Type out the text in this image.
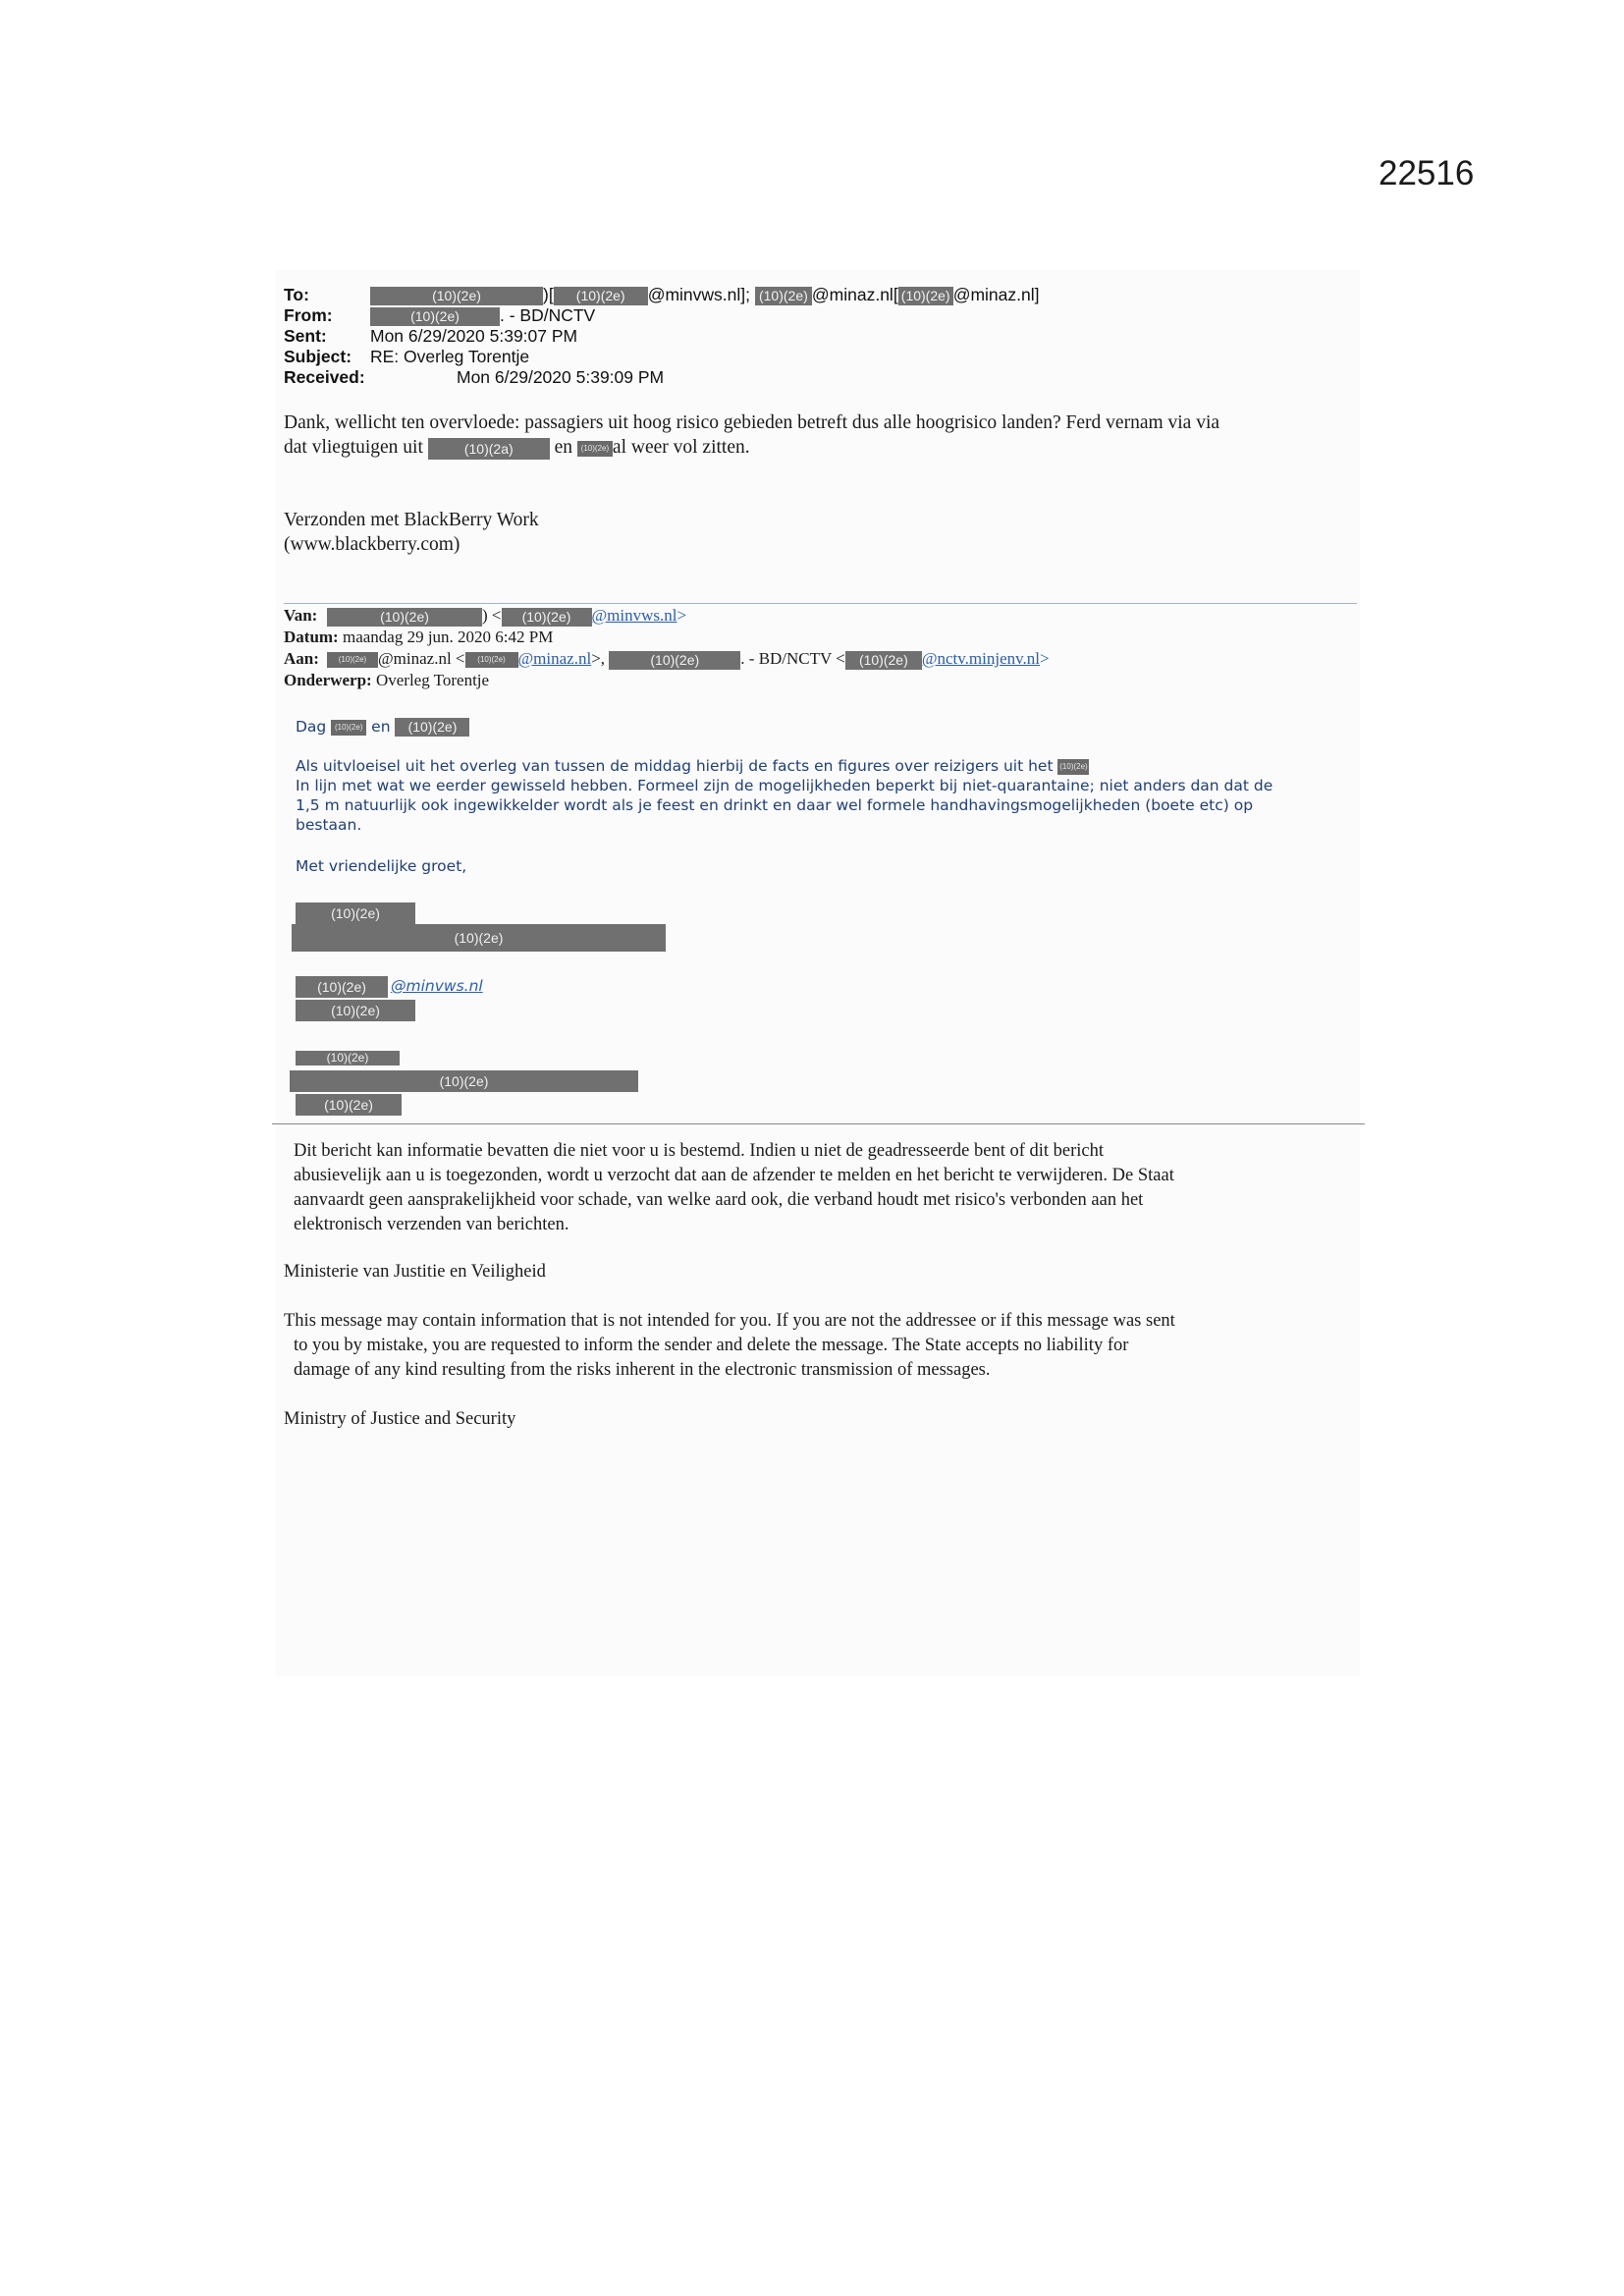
22516
To:	(10)(2e)	)[ (10)(2e) @minvws.nl]; (10)(2e) @minaz.nl[ (10)(2e) @minaz.nl]
From:	(10)(2e) . - BD/NCTV
Sent:	Mon 6/29/2020 5:39:07 PM
Subject: RE: Overleg Torentje
Received:	Mon 6/29/2020 5:39:09 PM
Dank, wellicht ten overvloede: passagiers uit hoog risico gebieden betreft dus alle hoogrisico landen? Ferd vernam via via
dat vliegtuigen uit	(10)(2a) en (10)(2e) al weer vol zitten.
Verzonden met BlackBerry Work
(www.blackberry.com)
Van:	(10)(2e)	) < (10)(2e) @minvws.nl>
Datum: maandag 29 jun. 2020 6:42 PM
Aan: (10)(2e) @minaz.nl < (10)(2e) @minaz.nl>,	(10)(2e) . - BD/NCTV < (10)(2e) @nctv.minjenv.nl>
Onderwerp: Overleg Torentje
Dag (10)(2e) en (10)(2e)
Als uitvloeisel uit het overleg van tussen de middag hierbij de facts en figures over reizigers uit het (10)(2e)
In lijn met wat we eerder gewisseld hebben. Formeel zijn de mogelijkheden beperkt bij niet-quarantaine; niet anders dan dat de
1,5 m natuurlijk ook ingewikkelder wordt als je feest en drinkt en daar wel formele handhavingsmogelijkheden (boete etc) op
bestaan.
Met vriendelijke groet,
(10)(2e)
(10)(2e)
(10)(2e)	@minvws.nl
(10)(2e)
(10)(2e)
(10)(2e)
(10)(2e)
Dit bericht kan informatie bevatten die niet voor u is bestemd. Indien u niet de geadresseerde bent of dit bericht
abusievelijk aan u is toegezonden, wordt u verzocht dat aan de afzender te melden en het bericht te verwijderen. De Staat
aanvaardt geen aansprakelijkheid voor schade, van welke aard ook, die verband houdt met risico's verbonden aan het
elektronisch verzenden van berichten.
Ministerie van Justitie en Veiligheid
This message may contain information that is not intended for you. If you are not the addressee or if this message was sent
to you by mistake, you are requested to inform the sender and delete the message. The State accepts no liability for
damage of any kind resulting from the risks inherent in the electronic transmission of messages.
Ministry of Justice and Security
